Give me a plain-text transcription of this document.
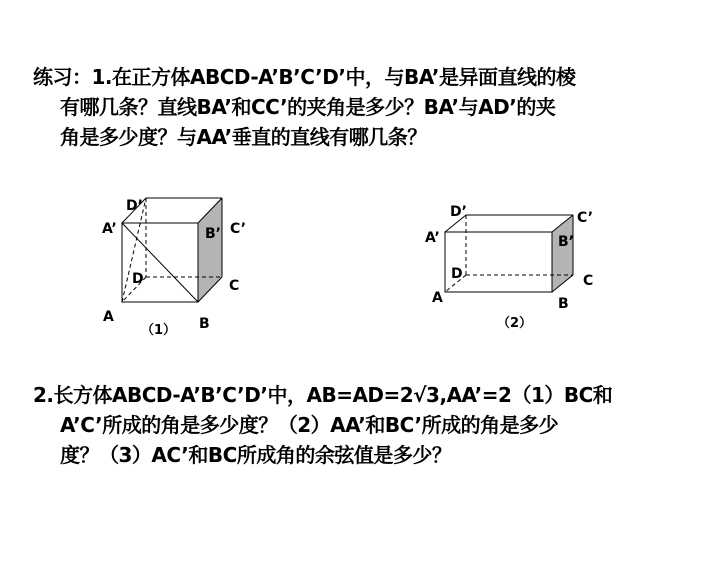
练习：1.在正方体ABCD-A’B’C’D’中，与BA’是异面直线的棱
有哪几条？直线BA’和CC’的夹角是多少？BA’与AD’的夹
角是多少度？与AA’垂直的直线有哪几条？
D’
A’	B’ C’
D	C
A	B
（1）
D’
A’
C’
B’
D	C
A	B
（2）
2.长方体ABCD-A’B’C’D’中，AB=AD=2√3,AA’=2（1）BC和
A’C’所成的角是多少度？（2）AA’和BC’所成的角是多少
度？（3）AC’和BC所成角的余弦值是多少？
